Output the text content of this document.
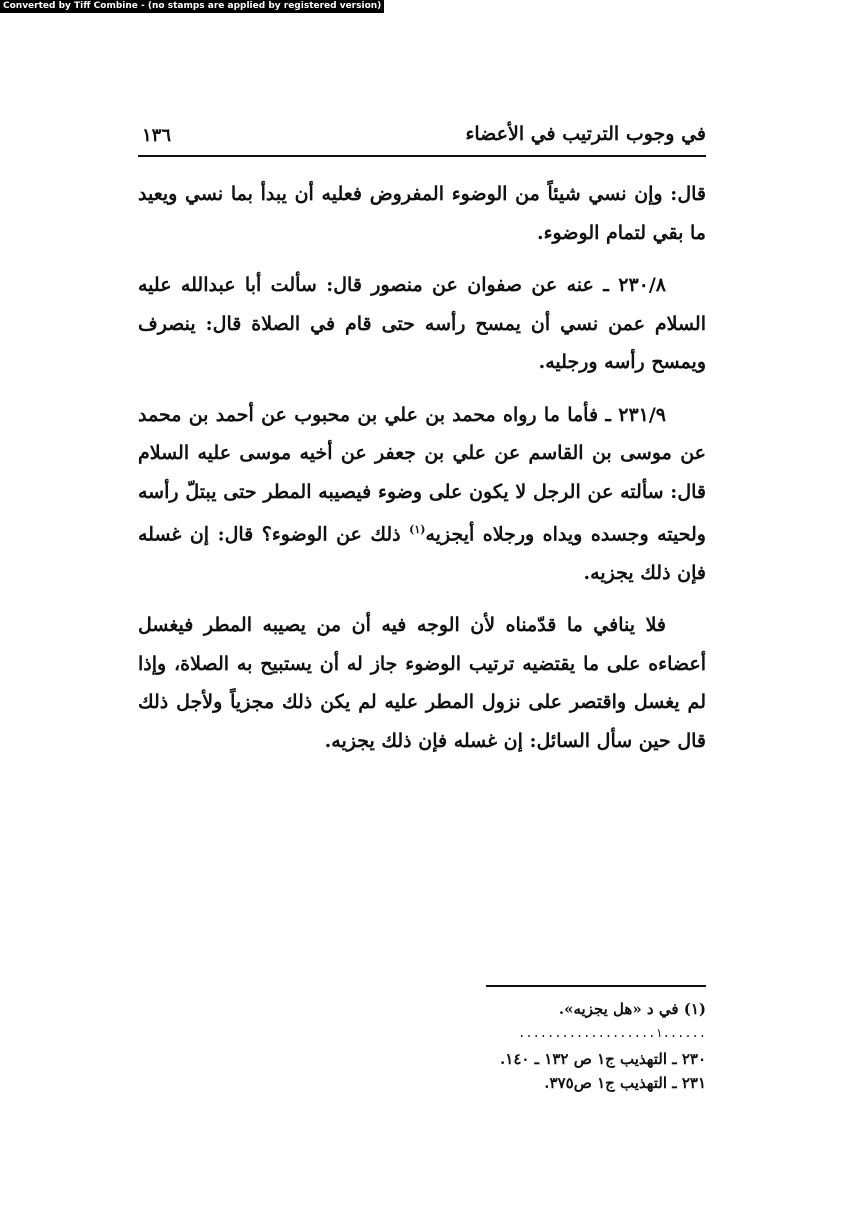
Converted by Tiff Combine - (no stamps are applied by registered version)
في وجوب الترتيب في الأعضاء
١٣٦

قال: وإن نسي شيئاً من الوضوء المفروض فعليه أن يبدأ بما نسي ويعيد ما بقي لتمام الوضوء.

٢٣٠/٨ ـ عنه عن صفوان عن منصور قال: سألت أبا عبدالله عليه السلام عمن نسي أن يمسح رأسه حتى قام في الصلاة قال: ينصرف ويمسح رأسه ورجليه.

٢٣١/٩ ـ فأما ما رواه محمد بن علي بن محبوب عن أحمد بن محمد عن موسى بن القاسم عن علي بن جعفر عن أخيه موسى عليه السلام قال: سألته عن الرجل لا يكون على وضوء فيصيبه المطر حتى يبتلّ رأسه ولحيته وجسده ويداه ورجلاه أيجزيه$^{(١)}$ ذلك عن الوضوء؟ قال: إن غسله فإن ذلك يجزيه.

فلا ينافي ما قدّمناه لأن الوجه فيه أن من يصيبه المطر فيغسل أعضاءه على ما يقتضيه ترتيب الوضوء جاز له أن يستبيح به الصلاة، وإذا لم يغسل واقتصر على نزول المطر عليه لم يكن ذلك مجزياً ولأجل ذلك قال حين سأل السائل: إن غسله فإن ذلك يجزيه.

(١) في د «هل يجزيه».
...................١......
٢٣٠ ـ التهذيب ج١ ص ١٣٢ ـ ١٤٠.
٢٣١ ـ التهذيب ج١ ص٣٧٥.
